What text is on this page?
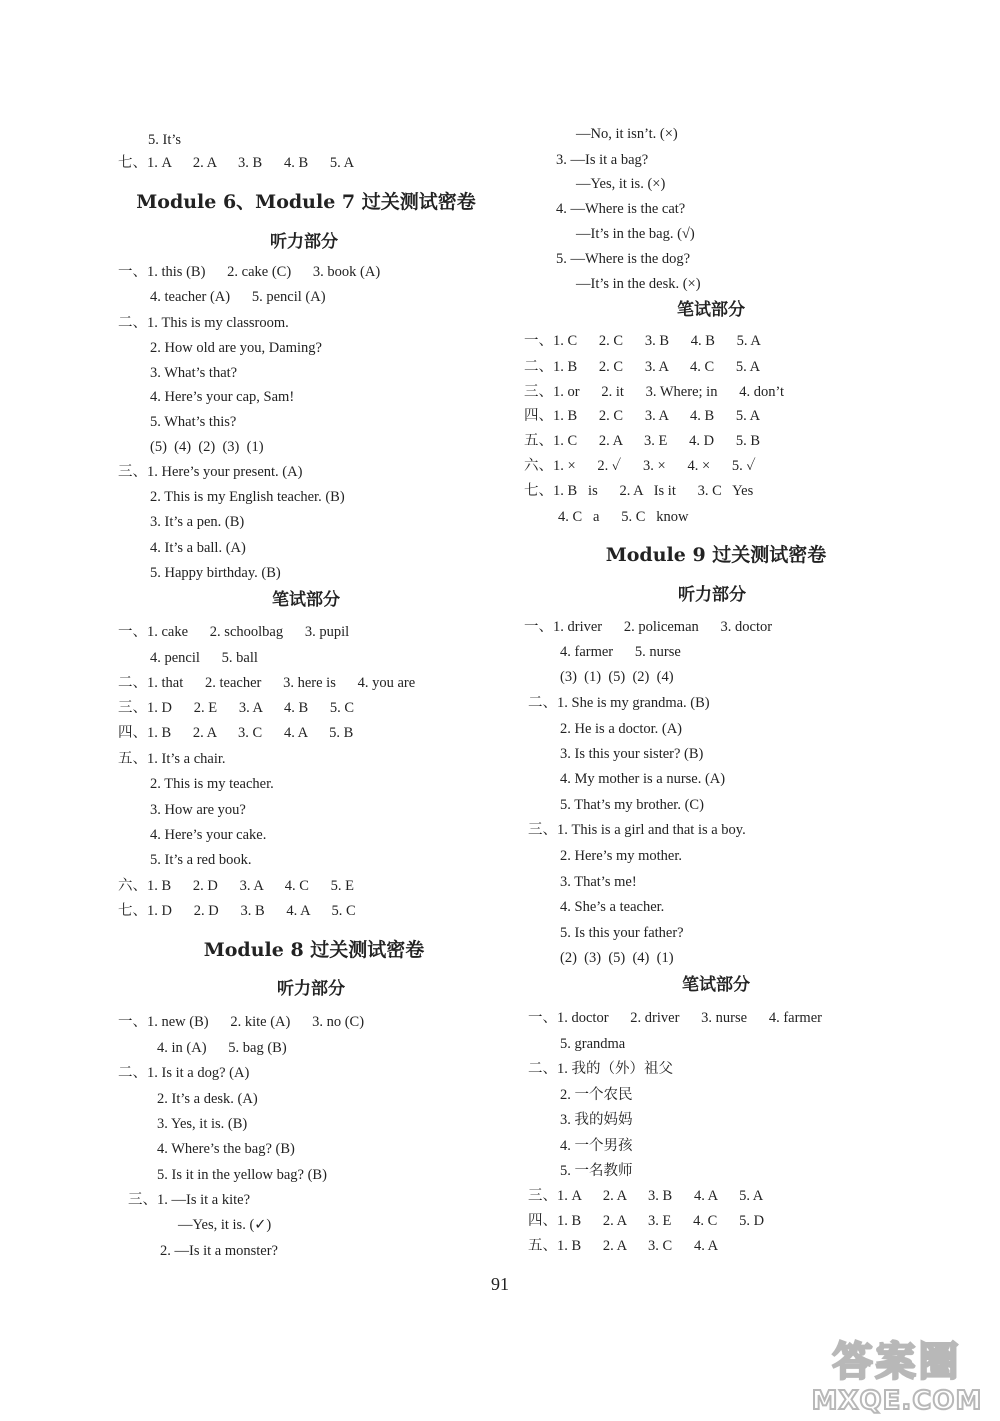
5. It’s
七、1. A      2. A      3. B      4. B      5. A
Module 6、Module 7 过关测试密卷
听力部分
一、1. this (B)      2. cake (C)      3. book (A)
4. teacher (A)      5. pencil (A)
二、1. This is my classroom.
2. How old are you, Daming?
3. What’s that?
4. Here’s your cap, Sam!
5. What’s this?
(5)  (4)  (2)  (3)  (1)
三、1. Here’s your present. (A)
2. This is my English teacher. (B)
3. It’s a pen. (B)
4. It’s a ball. (A)
5. Happy birthday. (B)
笔试部分
一、1. cake      2. schoolbag      3. pupil
4. pencil      5. ball
二、1. that      2. teacher      3. here is      4. you are
三、1. D      2. E      3. A      4. B      5. C
四、1. B      2. A      3. C      4. A      5. B
五、1. It’s a chair.
2. This is my teacher.
3. How are you?
4. Here’s your cake.
5. It’s a red book.
六、1. B      2. D      3. A      4. C      5. E
七、1. D      2. D      3. B      4. A      5. C
Module 8 过关测试密卷
听力部分
一、1. new (B)      2. kite (A)      3. no (C)
4. in (A)      5. bag (B)
二、1. Is it a dog? (A)
2. It’s a desk. (A)
3. Yes, it is. (B)
4. Where’s the bag? (B)
5. Is it in the yellow bag? (B)
三、1. —Is it a kite?
—Yes, it is. (✓)
2. —Is it a monster?
—No, it isn’t. (×)
3. —Is it a bag?
—Yes, it is. (×)
4. —Where is the cat?
—It’s in the bag. (√)
5. —Where is the dog?
—It’s in the desk. (×)
笔试部分
一、1. C      2. C      3. B      4. B      5. A
二、1. B      2. C      3. A      4. C      5. A
三、1. or      2. it      3. Where; in      4. don’t
四、1. B      2. C      3. A      4. B      5. A
五、1. C      2. A      3. E      4. D      5. B
六、1. ×      2. ✓      3. ×      4. ×      5. ✓
七、1. B   is      2. A   Is it      3. C   Yes
4. C   a      5. C   know
Module 9 过关测试密卷
听力部分
一、1. driver      2. policeman      3. doctor
4. farmer      5. nurse
(3)  (1)  (5)  (2)  (4)
二、1. She is my grandma. (B)
2. He is a doctor. (A)
3. Is this your sister? (B)
4. My mother is a nurse. (A)
5. That’s my brother. (C)
三、1. This is a girl and that is a boy.
2. Here’s my mother.
3. That’s me!
4. She’s a teacher.
5. Is this your father?
(2)  (3)  (5)  (4)  (1)
笔试部分
一、1. doctor      2. driver      3. nurse      4. farmer
5. grandma
二、1. 我的（外）祖父
2. 一个农民
3. 我的妈妈
4. 一个男孩
5. 一名教师
三、1. A      2. A      3. B      4. A      5. A
四、1. B      2. A      3. E      4. C      5. D
五、1. B      2. A      3. C      4. A
91
答案圈
MXQE.COM
